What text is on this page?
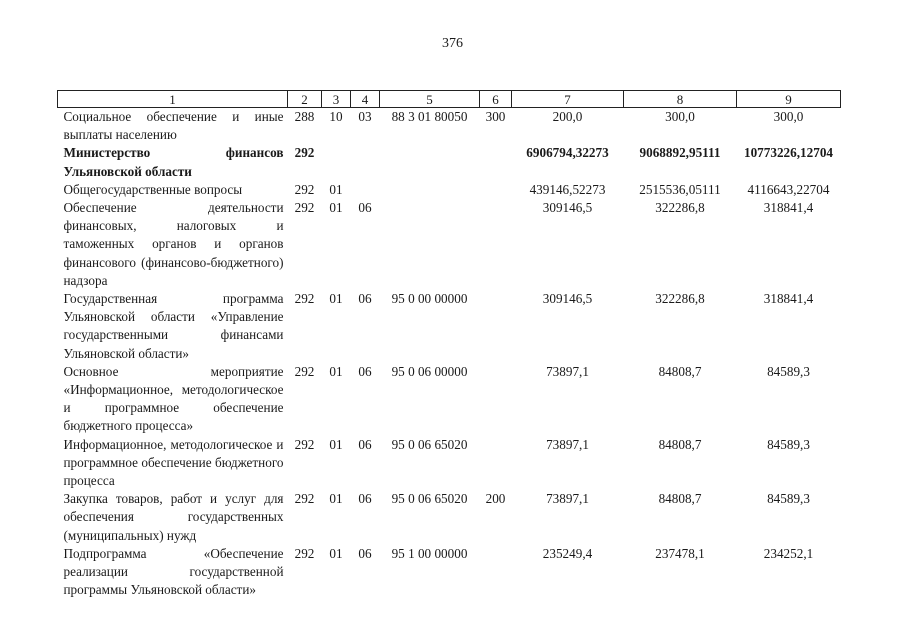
376
1	2	3	4	5	6	7	8	9
Социальное обеспечение и иные выплаты населению	288	10	03	88 3 01 80050	300	200,0	300,0	300,0
Министерство финансов Ульяновской области	292					6906794,32273	9068892,95111	10773226,12704
Общегосударственные вопросы	292	01				439146,52273	2515536,05111	4116643,22704
Обеспечение деятельности финансовых, налоговых и таможенных органов и органов финансового (финансово-бюджетного) надзора	292	01	06			309146,5	322286,8	318841,4
Государственная программа Ульяновской области «Управление государственными финансами Ульяновской области»	292	01	06	95 0 00 00000		309146,5	322286,8	318841,4
Основное мероприятие «Информационное, методологическое и программное обеспечение бюджетного процесса»	292	01	06	95 0 06 00000		73897,1	84808,7	84589,3
Информационное, методологическое и программное обеспечение бюджетного процесса	292	01	06	95 0 06 65020		73897,1	84808,7	84589,3
Закупка товаров, работ и услуг для обеспечения государственных (муниципальных) нужд	292	01	06	95 0 06 65020	200	73897,1	84808,7	84589,3
Подпрограмма «Обеспечение реализации государственной программы Ульяновской области»	292	01	06	95 1 00 00000		235249,4	237478,1	234252,1
